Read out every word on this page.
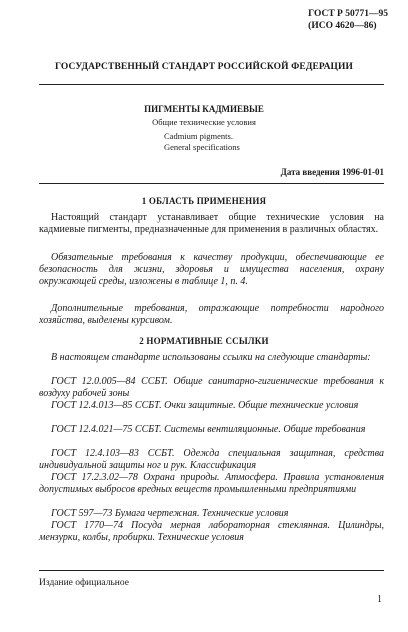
ГОСТ Р 50771—95
(ИСО 4620—86)
ГОСУДАРСТВЕННЫЙ СТАНДАРТ РОССИЙСКОЙ ФЕДЕРАЦИИ
ПИГМЕНТЫ КАДМИЕВЫЕ
Общие технические условия
Cadmium pigments.
General specifications
Дата введения 1996-01-01
1 ОБЛАСТЬ ПРИМЕНЕНИЯ
Настоящий стандарт устанавливает общие технические условия на кадмиевые пигменты, предназначенные для применения в различных областях.
Обязательные требования к качеству продукции, обеспечивающие ее безопасность для жизни, здоровья и имущества населения, охрану окружающей среды, изложены в таблице 1, п. 4.
Дополнительные требования, отражающие потребности народного хозяйства, выделены курсивом.
2 НОРМАТИВНЫЕ ССЫЛКИ
В настоящем стандарте использованы ссылки на следующие стандарты:
ГОСТ 12.0.005—84 ССБТ. Общие санитарно-гигиенические требования к воздуху рабочей зоны
ГОСТ 12.4.013—85 ССБТ. Очки защитные. Общие технические условия
ГОСТ 12.4.021—75 ССБТ. Системы вентиляционные. Общие требования
ГОСТ 12.4.103—83 ССБТ. Одежда специальная защитная, средства индивидуальной защиты ног и рук. Классификация
ГОСТ 17.2.3.02—78 Охрана природы. Атмосфера. Правила установления допустимых выбросов вредных веществ промышленными предприятиями
ГОСТ 597—73 Бумага чертежная. Технические условия
ГОСТ 1770—74 Посуда мерная лабораторная стеклянная. Цилиндры, мензурки, колбы, пробирки. Технические условия
Издание официальное
1
